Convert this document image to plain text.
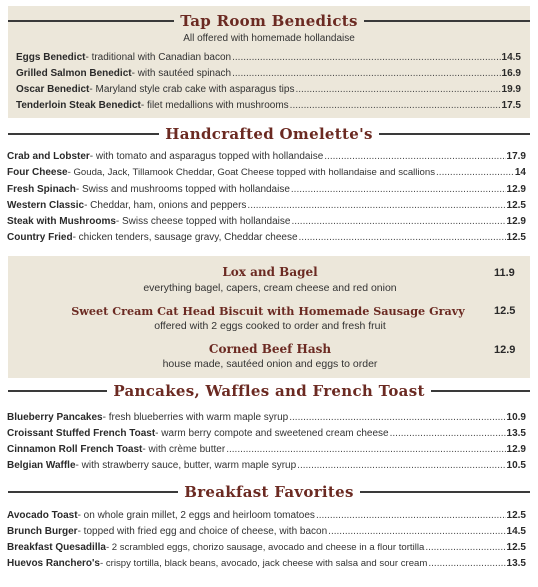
Tap Room Benedicts
All offered with homemade hollandaise
Eggs Benedict - traditional with Canadian bacon .....	14.5
Grilled Salmon Benedict - with sautéed spinach .....	16.9
Oscar Benedict - Maryland style crab cake with asparagus tips .....	19.9
Tenderloin Steak Benedict - filet medallions with mushrooms .....	17.5
Handcrafted Omelette's
Crab and Lobster - with tomato and asparagus topped with hollandaise .....	17.9
Four Cheese - Gouda, Jack, Tillamook Cheddar, Goat Cheese topped with hollandaise and scallions .....	14
Fresh Spinach - Swiss and mushrooms topped with hollandaise .....	12.9
Western Classic - Cheddar, ham, onions and peppers .....	12.5
Steak with Mushrooms - Swiss cheese topped with hollandaise .....	12.9
Country Fried - chicken tenders, sausage gravy, Cheddar cheese .....	12.5
Lox and Bagel	11.9
everything bagel, capers, cream cheese and red onion
Sweet Cream Cat Head Biscuit with Homemade Sausage Gravy	12.5
offered with 2 eggs cooked to order and fresh fruit
Corned Beef Hash	12.9
house made, sautéed onion and eggs to order
Pancakes, Waffles and French Toast
Blueberry Pancakes - fresh blueberries with warm maple syrup .....	10.9
Croissant Stuffed French Toast - warm berry compote and sweetened cream cheese .....	13.5
Cinnamon Roll French Toast - with crème butter .....	12.9
Belgian Waffle - with strawberry sauce, butter, warm maple syrup .....	10.5
Breakfast Favorites
Avocado Toast - on whole grain millet, 2 eggs and heirloom tomatoes .....	12.5
Brunch Burger - topped with fried egg and choice of cheese, with bacon .....	14.5
Breakfast Quesadilla - 2 scrambled eggs, chorizo sausage, avocado and cheese in a flour tortilla .....	12.5
Huevos Ranchero's - crispy tortilla, black beans, avocado, jack cheese with salsa and sour cream .....	13.5
